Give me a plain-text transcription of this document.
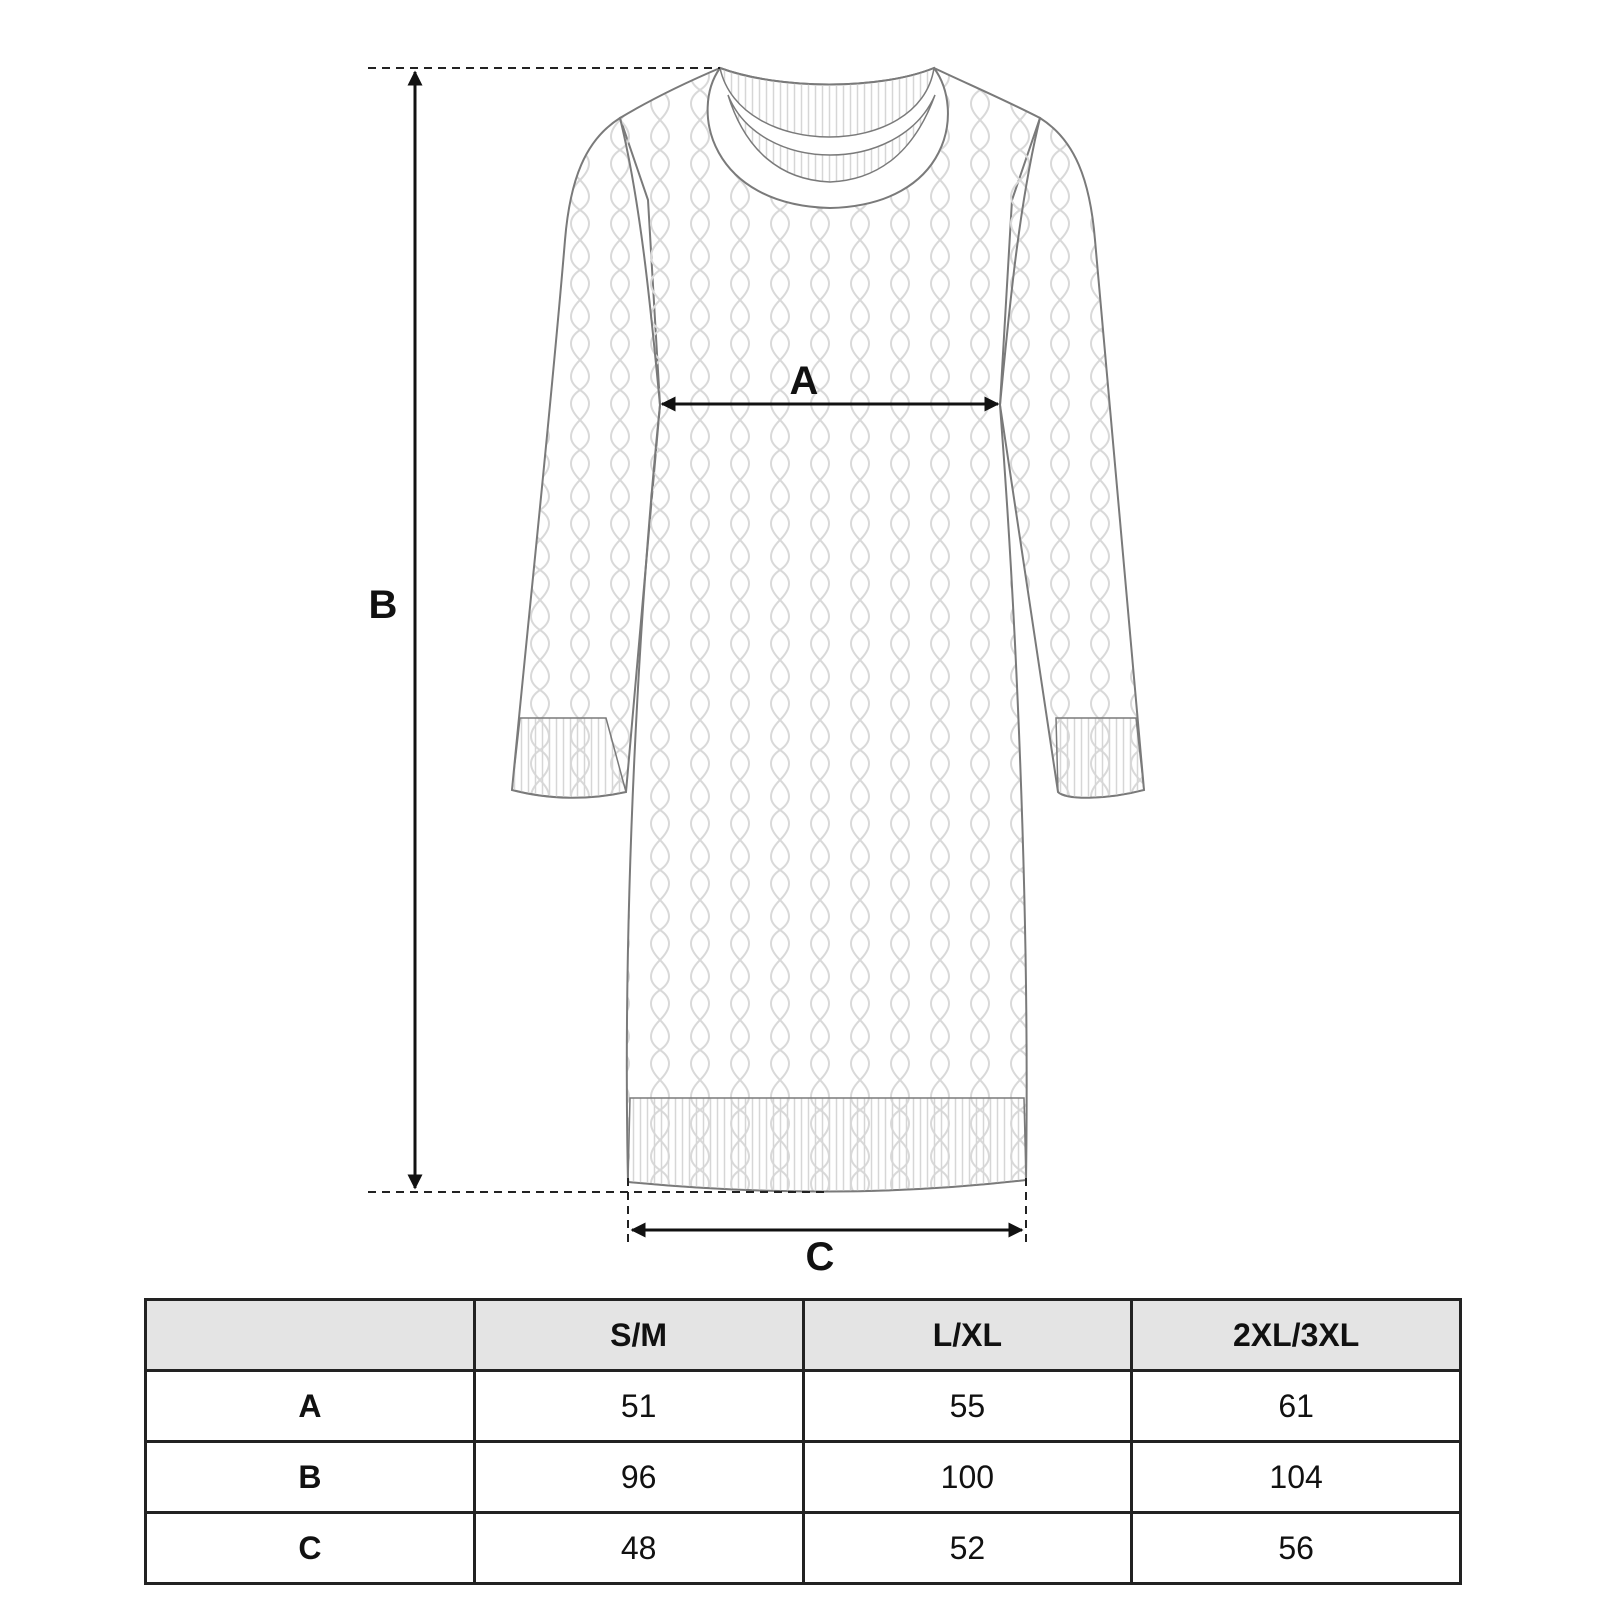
B
A
C
	S/M	L/XL	2XL/3XL
A	51	55	61
B	96	100	104
C	48	52	56
